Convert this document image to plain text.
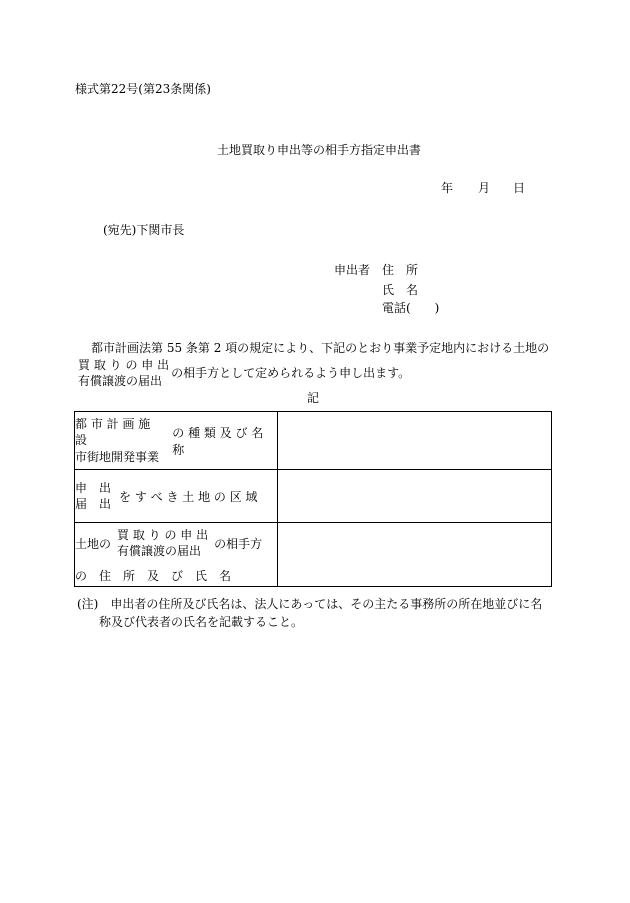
様式第22号(第23条関係)
土地買取り申出等の相手方指定申出書
年 月 日
(宛先)下関市長
申出者 住　所
氏　名
電話(　　)
都市計画法第 55 条第 2 項の規定により、下記のとおり事業予定地内における土地の
買 取 り の 申 出
有償譲渡の届出
の相手方として定められるよう申し出ます。
記
都 市 計 画 施 設
市街地開発事業
の 種 類 及 び 名 称	

申　出
届　出
を す べ き 土 地 の 区 域	

土地の
買 取 り の 申 出
有償譲渡の届出
の相手方
の　住　所　及　び　氏　名	

(注)　申出者の住所及び氏名は、法人にあっては、その主たる事務所の所在地並びに名
称及び代表者の氏名を記載すること。
